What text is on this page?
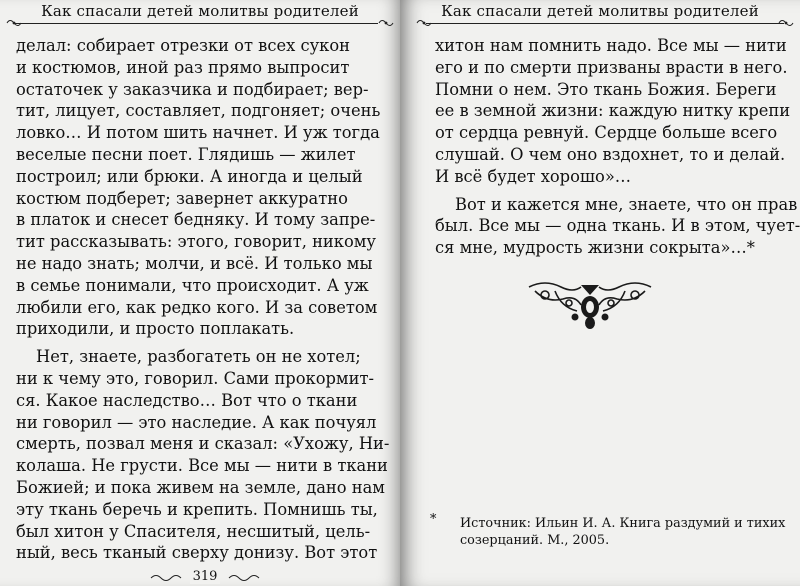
Как спасали детей молитвы родителей
делал: собирает отрезки от всех сукон
и костюмов, иной раз прямо выпросит
остаточек у заказчика и подбирает; вер-
тит, лицует, составляет, подгоняет; очень
ловко… И потом шить начнет. И уж тогда
веселые песни поет. Глядишь — жилет
построил; или брюки. А иногда и целый
костюм подберет; завернет аккуратно
в платок и снесет бедняку. И тому запре-
тит рассказывать: этого, говорит, никому
не надо знать; молчи, и всё. И только мы
в семье понимали, что происходит. А уж
любили его, как редко кого. И за советом
приходили, и просто поплакать.
Нет, знаете, разбогатеть он не хотел;
ни к чему это, говорил. Сами прокормит-
ся. Какое наследство… Вот что о ткани
ни говорил — это наследие. А как почуял
смерть, позвал меня и сказал: «Ухожу, Ни-
колаша. Не грусти. Все мы — нити в ткани
Божией; и пока живем на земле, дано нам
эту ткань беречь и крепить. Помнишь ты,
был хитон у Спасителя, несшитый, цель-
ный, весь тканый сверху донизу. Вот этот
319
Как спасали детей молитвы родителей
хитон нам помнить надо. Все мы — нити
его и по смерти призваны врасти в него.
Помни о нем. Это ткань Божия. Береги
ее в земной жизни: каждую нитку крепи
от сердца ревнуй. Сердце больше всего
слушай. О чем оно вздохнет, то и делай.
И всё будет хорошо»…
Вот и кажется мне, знаете, что он прав
был. Все мы — одна ткань. И в этом, чует-
ся мне, мудрость жизни сокрыта»…*
* Источник: Ильин И. А. Книга раздумий и тихих созерцаний. М., 2005.
